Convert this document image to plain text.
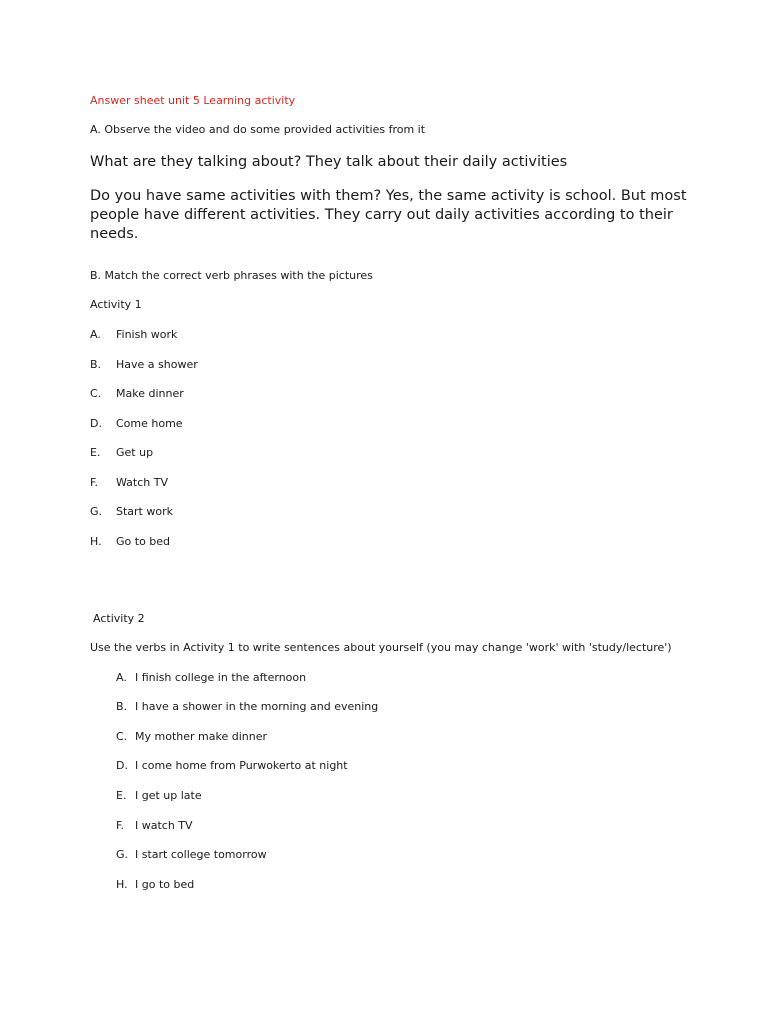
Answer sheet unit 5 Learning activity
A. Observe the video and do some provided activities from it
What are they talking about? They talk about their daily activities
Do you have same activities with them? Yes, the same activity is school. But most people have different activities. They carry out daily activities according to their needs.
B. Match the correct verb phrases with the pictures
Activity 1
A. Finish work
B. Have a shower
C. Make dinner
D. Come home
E. Get up
F. Watch TV
G. Start work
H. Go to bed
Activity 2
Use the verbs in Activity 1 to write sentences about yourself (you may change 'work' with 'study/lecture')
A. I finish college in the afternoon
B. I have a shower in the morning and evening
C. My mother make dinner
D. I come home from Purwokerto at night
E. I get up late
F. I watch TV
G. I start college tomorrow
H. I go to bed
